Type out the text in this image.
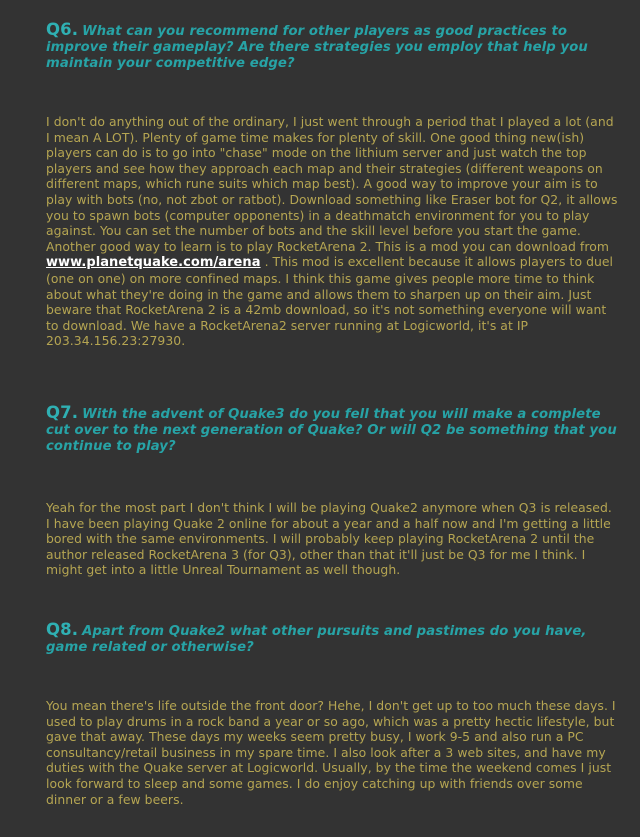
Q6. What can you recommend for other players as good practices to improve their gameplay? Are there strategies you employ that help you maintain your competitive edge?

I don't do anything out of the ordinary, I just went through a period that I played a lot (and I mean A LOT). Plenty of game time makes for plenty of skill. One good thing new(ish) players can do is to go into "chase" mode on the lithium server and just watch the top players and see how they approach each map and their strategies (different weapons on different maps, which rune suits which map best). A good way to improve your aim is to play with bots (no, not zbot or ratbot). Download something like Eraser bot for Q2, it allows you to spawn bots (computer opponents) in a deathmatch environment for you to play against. You can set the number of bots and the skill level before you start the game. Another good way to learn is to play RocketArena 2. This is a mod you can download from www.planetquake.com/arena . This mod is excellent because it allows players to duel (one on one) on more confined maps. I think this game gives people more time to think about what they're doing in the game and allows them to sharpen up on their aim. Just beware that RocketArena 2 is a 42mb download, so it's not something everyone will want to download. We have a RocketArena2 server running at Logicworld, it's at IP 203.34.156.23:27930.

Q7. With the advent of Quake3 do you fell that you will make a complete cut over to the next generation of Quake? Or will Q2 be something that you continue to play?

Yeah for the most part I don't think I will be playing Quake2 anymore when Q3 is released. I have been playing Quake 2 online for about a year and a half now and I'm getting a little bored with the same environments. I will probably keep playing RocketArena 2 until the author released RocketArena 3 (for Q3), other than that it'll just be Q3 for me I think. I might get into a little Unreal Tournament as well though.

Q8. Apart from Quake2 what other pursuits and pastimes do you have, game related or otherwise?

You mean there's life outside the front door? Hehe, I don't get up to too much these days. I used to play drums in a rock band a year or so ago, which was a pretty hectic lifestyle, but gave that away. These days my weeks seem pretty busy, I work 9-5 and also run a PC consultancy/retail business in my spare time. I also look after a 3 web sites, and have my duties with the Quake server at Logicworld. Usually, by the time the weekend comes I just look forward to sleep and some games. I do enjoy catching up with friends over some dinner or a few beers.
